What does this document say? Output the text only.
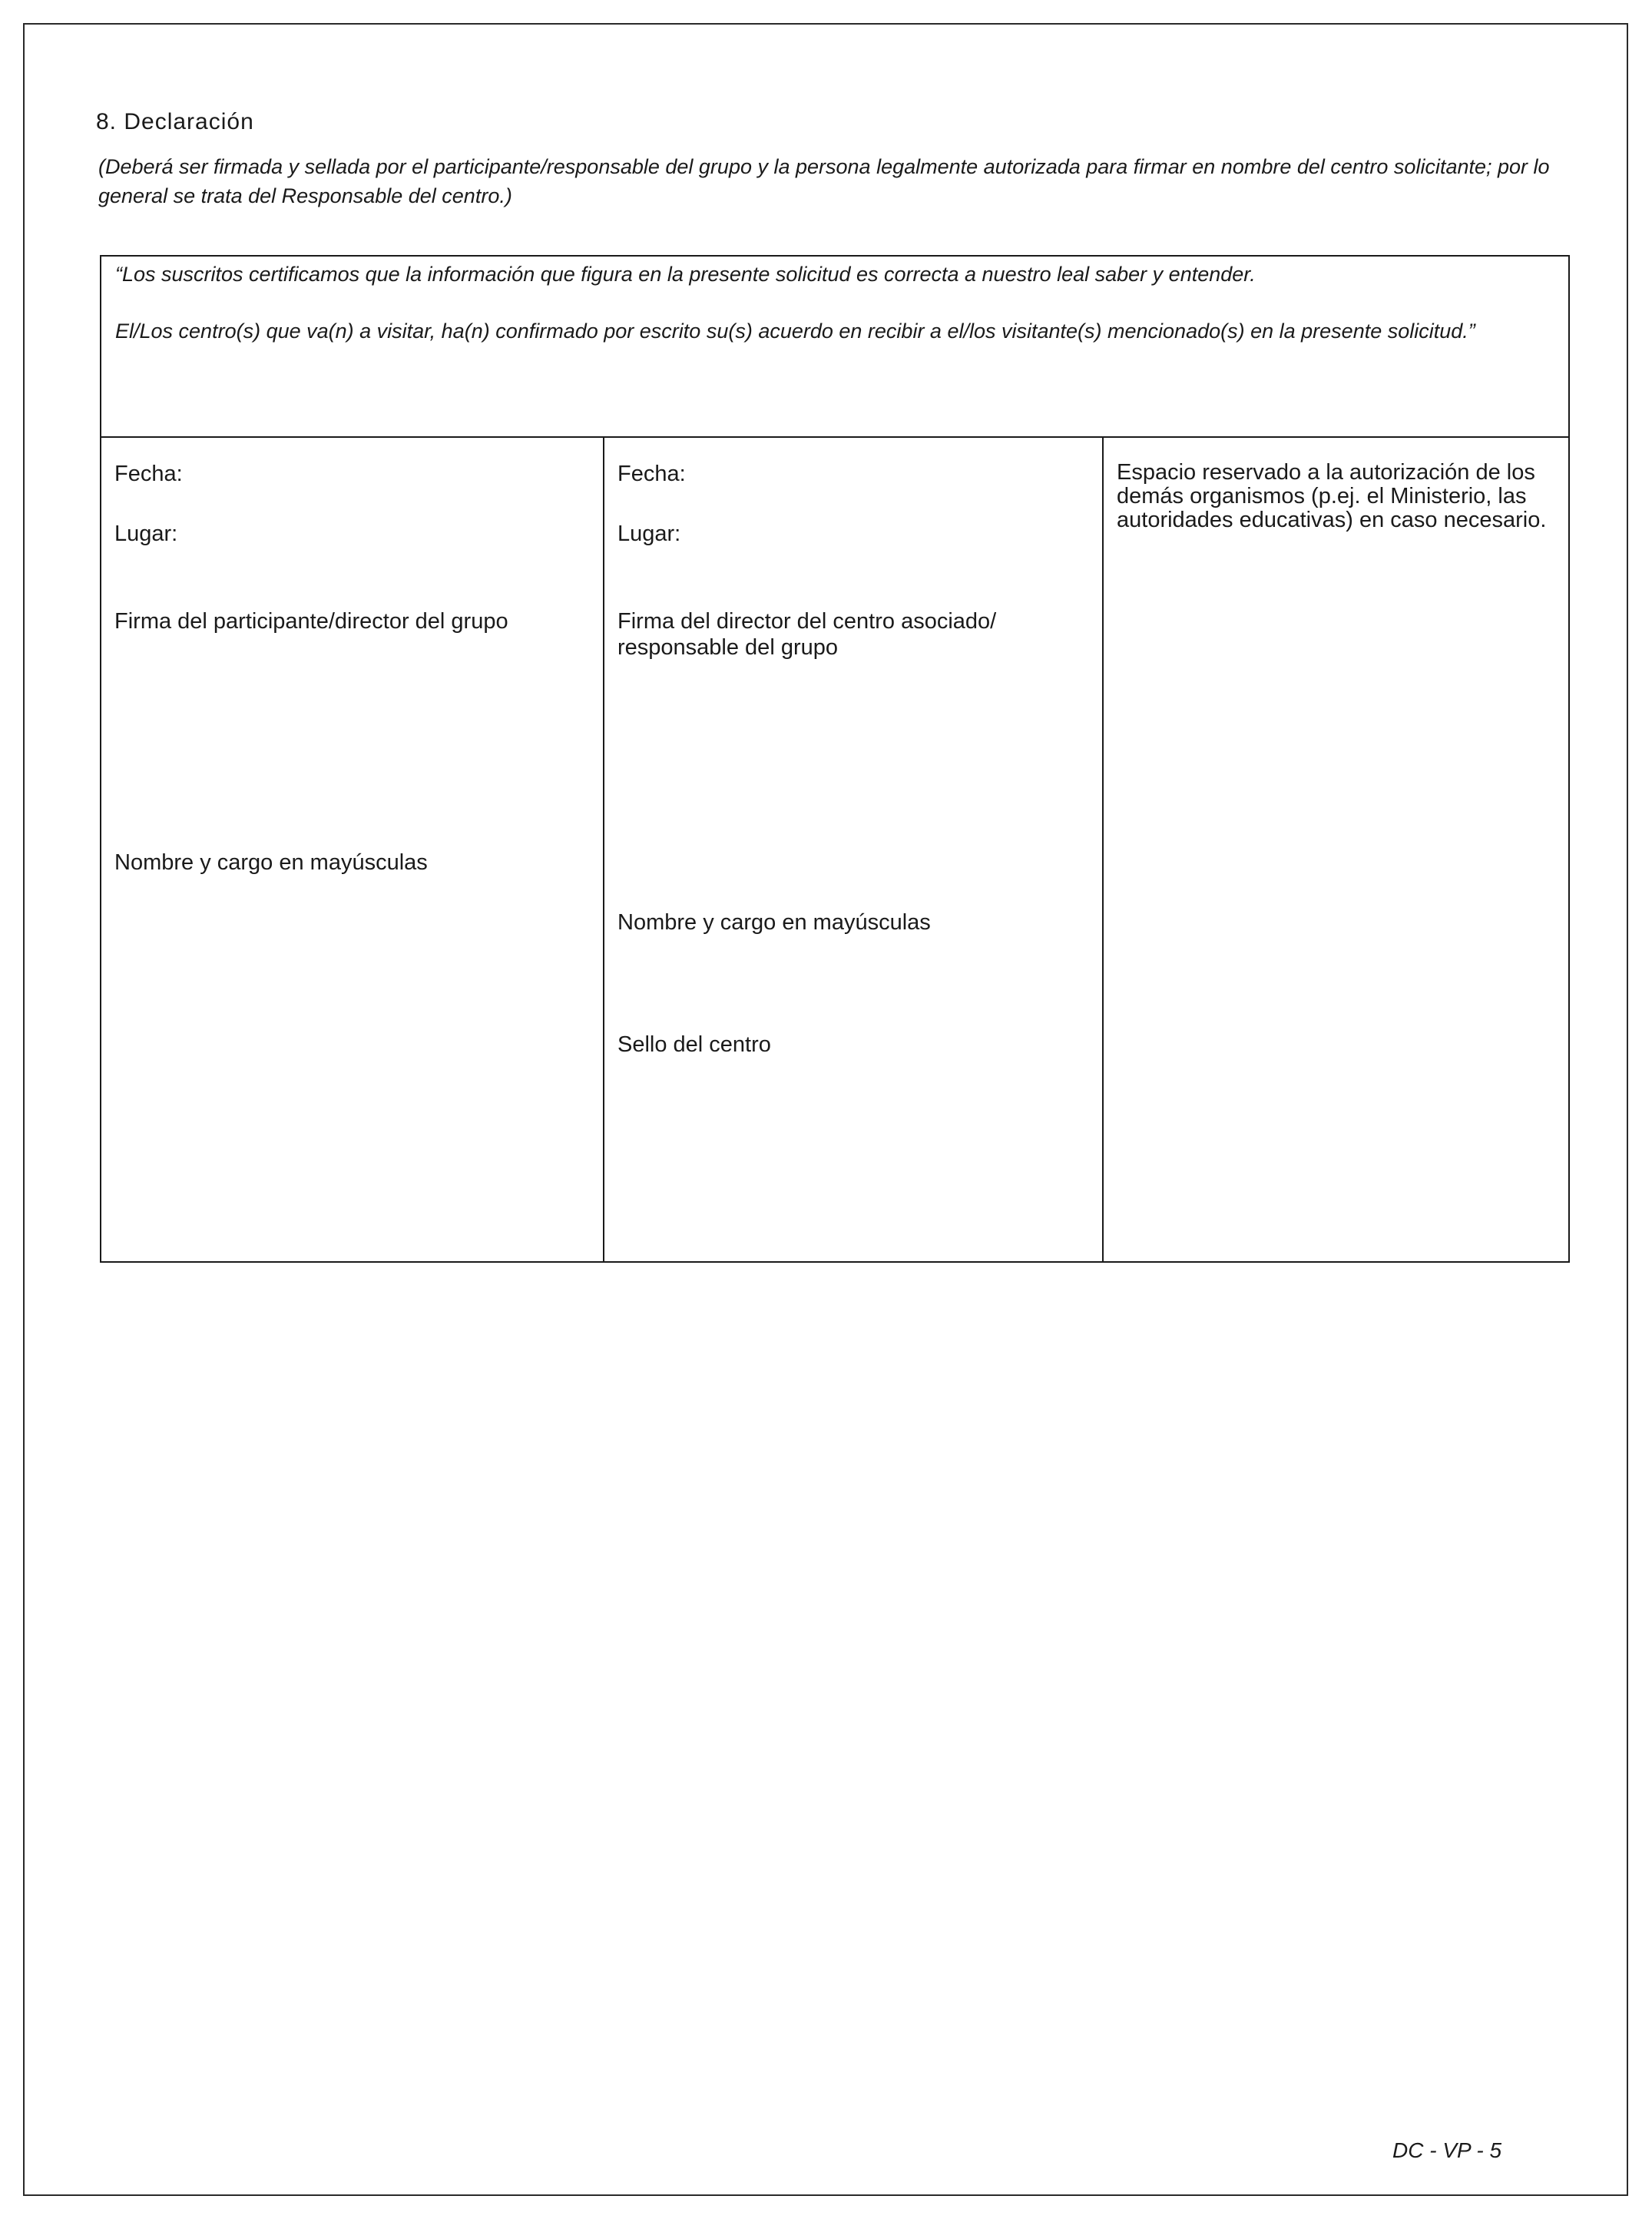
8. Declaración
(Deberá ser firmada y sellada por el participante/responsable del grupo y la persona legalmente autorizada para firmar en nombre del centro solicitante; por lo general se trata del Responsable del centro.)

“Los suscritos certificamos que la información que figura en la presente solicitud es correcta a nuestro leal saber y entender.

El/Los centro(s) que va(n) a visitar, ha(n) confirmado por escrito su(s) acuerdo en recibir a el/los visitante(s) mencionado(s) en la presente solicitud.”

Fecha:
Lugar:
Firma del participante/director del grupo
Nombre y cargo en mayúsculas
Fecha:
Lugar:
Firma del director del centro asociado/ responsable del grupo
Nombre y cargo en mayúsculas
Sello del centro
Espacio reservado a la autorización de los demás organismos (p.ej. el Ministerio, las autoridades educativas) en caso necesario.
DC - VP - 5
